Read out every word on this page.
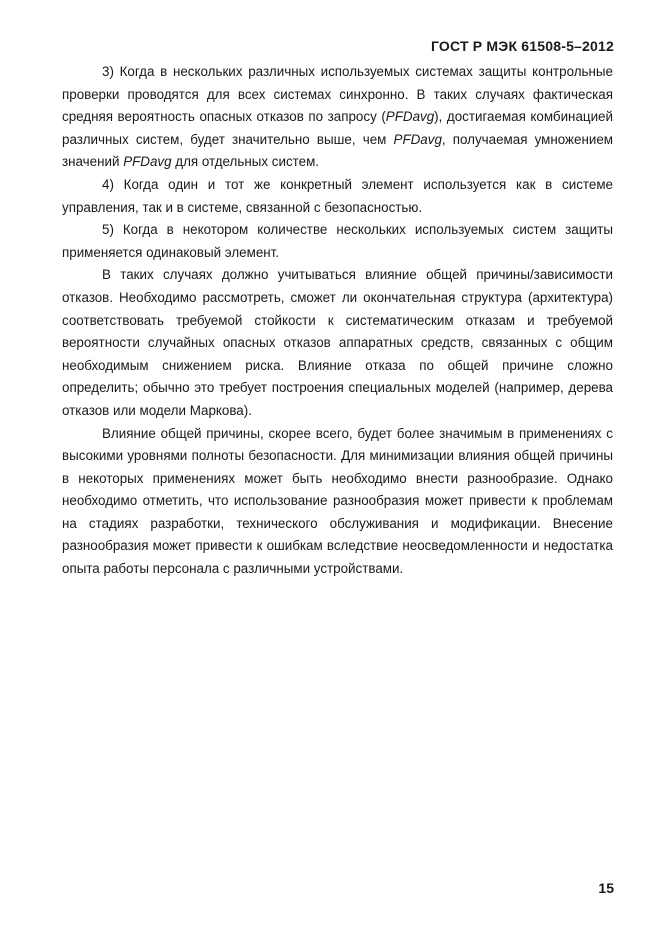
ГОСТ Р МЭК 61508-5–2012

3) Когда в нескольких различных используемых системах защиты контрольные проверки проводятся для всех системах синхронно. В таких случаях фактическая средняя вероятность опасных отказов по запросу (PFDavg), достигаемая комбинацией различных систем, будет значительно выше, чем PFDavg, получаемая умножением значений PFDavg для отдельных систем.

4) Когда один и тот же конкретный элемент используется как в системе управления, так и в системе, связанной с безопасностью.

5) Когда в некотором количестве нескольких используемых систем защиты применяется одинаковый элемент.

В таких случаях должно учитываться влияние общей причины/зависимости отказов. Необходимо рассмотреть, сможет ли окончательная структура (архитектура) соответствовать требуемой стойкости к систематическим отказам и требуемой вероятности случайных опасных отказов аппаратных средств, связанных с общим необходимым снижением риска. Влияние отказа по общей причине сложно определить; обычно это требует построения специальных моделей (например, дерева отказов или модели Маркова).

Влияние общей причины, скорее всего, будет более значимым в применениях с высокими уровнями полноты безопасности. Для минимизации влияния общей причины в некоторых применениях может быть необходимо внести разнообразие. Однако необходимо отметить, что использование разнообразия может привести к проблемам на стадиях разработки, технического обслуживания и модификации. Внесение разнообразия может привести к ошибкам вследствие неосведомленности и недостатка опыта работы персонала с различными устройствами.

15
